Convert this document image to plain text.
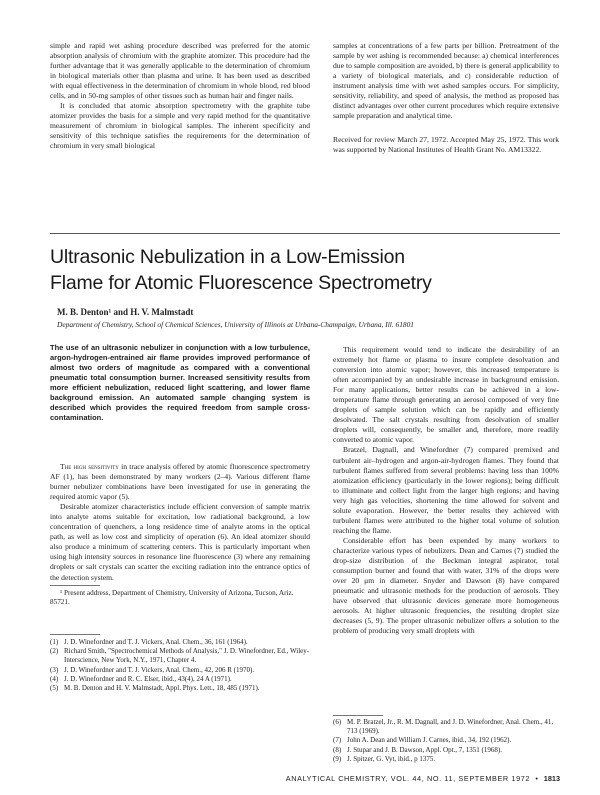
simple and rapid wet ashing procedure described was preferred for the atomic absorption analysis of chromium with the graphite atomizer. This procedure had the further advantage that it was generally applicable to the determination of chromium in biological materials other than plasma and urine. It has been used as described with equal effectiveness in the determination of chromium in whole blood, red blood cells, and in 50-mg samples of other tissues such as human hair and finger nails.

It is concluded that atomic absorption spectrometry with the graphite tube atomizer provides the basis for a simple and very rapid method for the quantitative measurement of chromium in biological samples. The inherent specificity and sensitivity of this technique satisfies the requirements for the determination of chromium in very small biological

samples at concentrations of a few parts per billion. Pretreatment of the sample by wet ashing is recommended because: a) chemical interferences due to sample composition are avoided, b) there is general applicability to a variety of biological materials, and c) considerable reduction of instrument analysis time with wet ashed samples occurs. For simplicity, sensitivity, reliability, and speed of analysis, the method as proposed has distinct advantages over other current procedures which require extensive sample preparation and analytical time.

Received for review March 27, 1972. Accepted May 25, 1972. This work was supported by National Institutes of Health Grant No. AM13322.

Ultrasonic Nebulization in a Low-Emission
Flame for Atomic Fluorescence Spectrometry
M. B. Denton¹ and H. V. Malmstadt
Department of Chemistry, School of Chemical Sciences, University of Illinois at Urbana-Champaign, Urbana, Ill. 61801
The use of an ultrasonic nebulizer in conjunction with a low turbulence, argon-hydrogen-entrained air flame provides improved performance of almost two orders of magnitude as compared with a conventional pneumatic total consumption burner. Increased sensitivity results from more efficient nebulization, reduced light scattering, and lower flame background emission. An automated sample changing system is described which provides the required freedom from sample cross-contamination.

The high sensitivity in trace analysis offered by atomic fluorescence spectrometry AF (1), has been demonstrated by many workers (2–4). Various different flame burner nebulizer combinations have been investigated for use in generating the required atomic vapor (5).

Desirable atomizer characteristics include efficient conversion of sample matrix into analyte atoms suitable for excitation, low radiational background, a low concentration of quenchers, a long residence time of analyte atoms in the optical path, as well as low cost and simplicity of operation (6). An ideal atomizer should also produce a minimum of scattering centers. This is particularly important when using high intensity sources in resonance line fluorescence (3) where any remaining droplets or salt crystals can scatter the exciting radiation into the entrance optics of the detection system.

¹ Present address, Department of Chemistry, University of Arizona, Tucson, Ariz. 85721.

(1) J. D. Winefordner and T. J. Vickers, Anal. Chem., 36, 161 (1964).
(2) Richard Smith, "Spectrochemical Methods of Analysis," J. D. Winefordner, Ed., Wiley-Interscience, New York, N.Y., 1971, Chapter 4.
(3) J. D. Winefordner and T. J. Vickers, Anal. Chem., 42, 206 R (1970).
(4) J. D. Winefordner and R. C. Elser, ibid., 43(4), 24 A (1971).
(5) M. B. Denton and H. V. Malmstadt, Appl. Phys. Lett., 18, 485 (1971).

This requirement would tend to indicate the desirability of an extremely hot flame or plasma to insure complete desolvation and conversion into atomic vapor; however, this increased temperature is often accompanied by an undesirable increase in background emission. For many applications, better results can be achieved in a low-temperature flame through generating an aerosol composed of very fine droplets of sample solution which can be rapidly and efficiently desolvated. The salt crystals resulting from desolvation of smaller droplets will, consequently, be smaller and, therefore, more readily converted to atomic vapor.

Bratzel, Dagnall, and Winefordner (7) compared premixed and turbulent air–hydrogen and argon-air-hydrogen flames. They found that turbulent flames suffered from several problems: having less than 100% atomization efficiency (particularly in the lower regions); being difficult to illuminate and collect light from the larger high regions; and having very high gas velocities, shortening the time allowed for solvent and solute evaporation. However, the better results they achieved with turbulent flames were attributed to the higher total volume of solution reaching the flame.

Considerable effort has been expended by many workers to characterize various types of nebulizers. Dean and Carnes (7) studied the drop-size distribution of the Beckman integral aspirator, total consumption burner and found that with water, 31% of the drops were over 20 μm in diameter. Snyder and Dawson (8) have compared pneumatic and ultrasonic methods for the production of aerosols. They have observed that ultrasonic devices generate more homogeneous aerosols. At higher ultrasonic frequencies, the resulting droplet size decreases (5, 9). The proper ultrasonic nebulizer offers a solution to the problem of producing very small droplets with

(6) M. P. Bratzel, Jr., R. M. Dagnall, and J. D. Winefordner, Anal. Chem., 41, 713 (1969).
(7) John A. Dean and William J. Carnes, ibid., 34, 192 (1962).
(8) J. Stupar and J. B. Dawson, Appl. Opt., 7, 1351 (1968).
(9) J. Spitzer, G. Vyt, ibid., p 1375.
ANALYTICAL CHEMISTRY, VOL. 44, NO. 11, SEPTEMBER 1972 • 1813
